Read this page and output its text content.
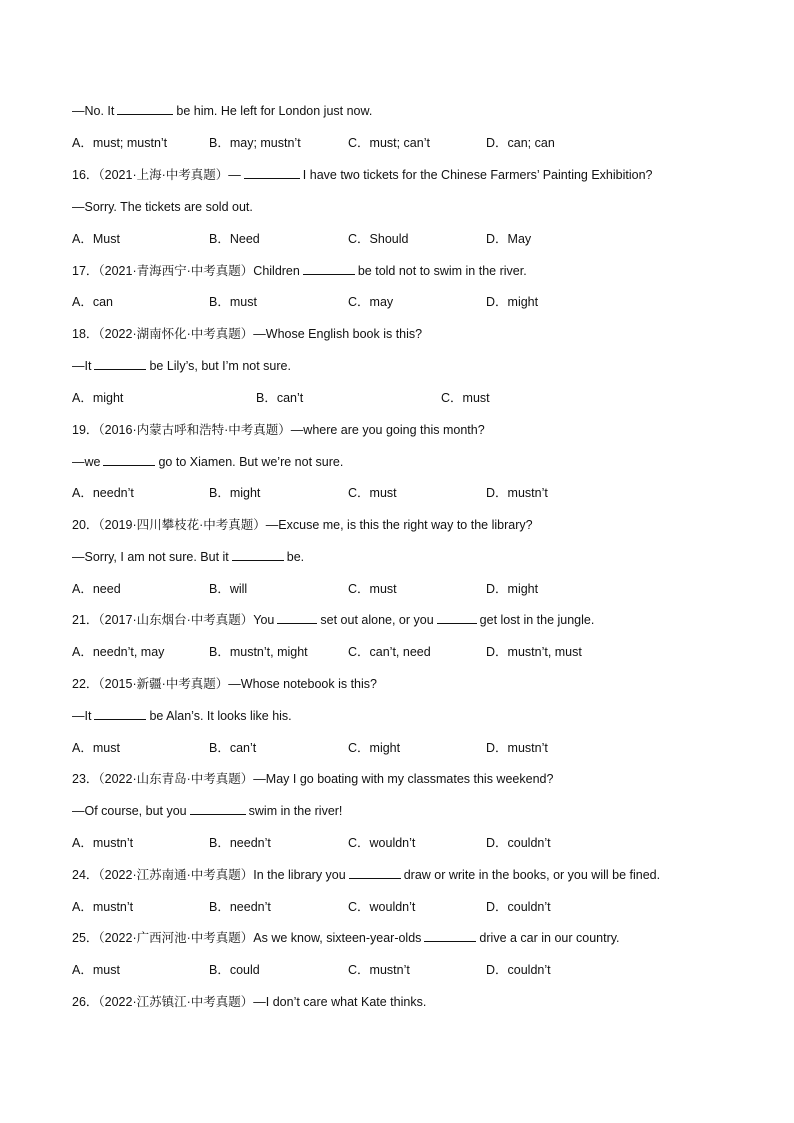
—No. It	be him. He left for London just now.
A．must; mustn’t	B．may; mustn’t	C．must; can’t	D．can; can
16．（2021·上海·中考真题）—	I have two tickets for the Chinese Farmers’ Painting Exhibition?
—Sorry. The tickets are sold out.
A．Must	B．Need	C．Should	D．May
17．（2021·青海西宁·中考真题）Children	be told not to swim in the river.
A．can	B．must	C．may	D．might
18．（2022·湖南怀化·中考真题）—Whose English book is this?
—It	be Lily’s, but I’m not sure.
A．might	B．can’t	C．must
19．（2016·内蒙古呼和浩特·中考真题）—where are you going this month?
—we	go to Xiamen. But we’re not sure.
A．needn’t	B．might	C．must	D．mustn’t
20．（2019·四川攀枝花·中考真题）—Excuse me, is this the right way to the library?
—Sorry, I am not sure. But it	be.
A．need	B．will	C．must	D．might
21．（2017·山东烟台·中考真题）You	set out alone, or you	get lost in the jungle.
A．needn’t, may	B．mustn’t, might	C．can’t, need	D．mustn’t, must
22．（2015·新疆·中考真题）—Whose notebook is this?
—It	be Alan’s. It looks like his.
A．must	B．can’t	C．might	D．mustn’t
23．（2022·山东青岛·中考真题）—May I go boating with my classmates this weekend?
—Of course, but you	swim in the river!
A．mustn’t	B．needn’t	C．wouldn’t	D．couldn’t
24．（2022·江苏南通·中考真题）In the library you	draw or write in the books, or you will be fined.
A．mustn’t	B．needn’t	C．wouldn’t	D．couldn’t
25．（2022·广西河池·中考真题）As we know, sixteen-year-olds	drive a car in our country.
A．must	B．could	C．mustn’t	D．couldn’t
26．（2022·江苏镇江·中考真题）—I don’t care what Kate thinks.
